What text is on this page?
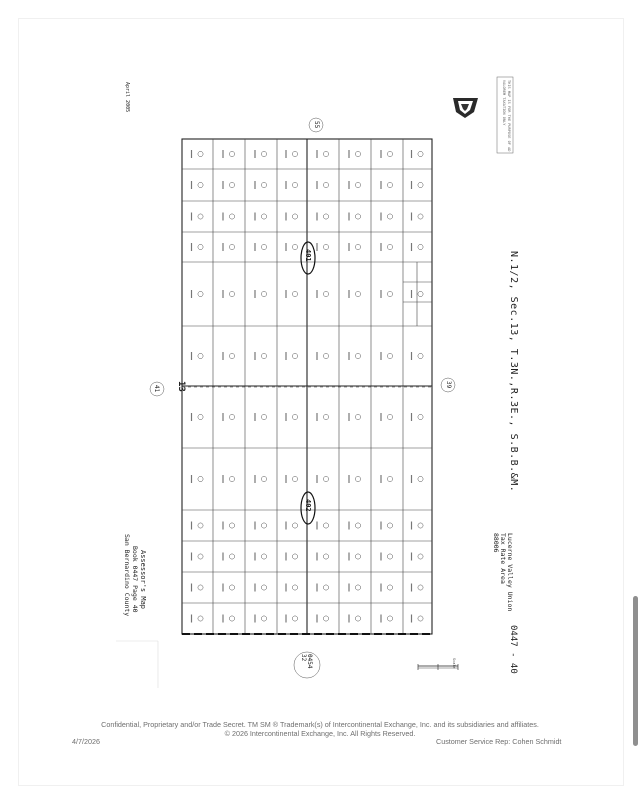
April 2005	THIS MAP IS FOR THE PURPOSE OF AD VALOREM TAXATION ONLY
55
39
41
0454 32
13
401
402
N.1/2, Sec.13, T.3N.,R.3E., S.B.B.&M.
Lucerne Valley Union
Tax Rate Area
88006
0447 - 40
Assessor's Map
Book 0447 Page 40
San Bernardino County
Scale
Confidential, Proprietary and/or Trade Secret. TM SM ® Trademark(s) of Intercontinental Exchange, Inc. and its subsidiaries and affiliates.
© 2026 Intercontinental Exchange, Inc. All Rights Reserved.
4/7/2026	Customer Service Rep: Cohen Schmidt
